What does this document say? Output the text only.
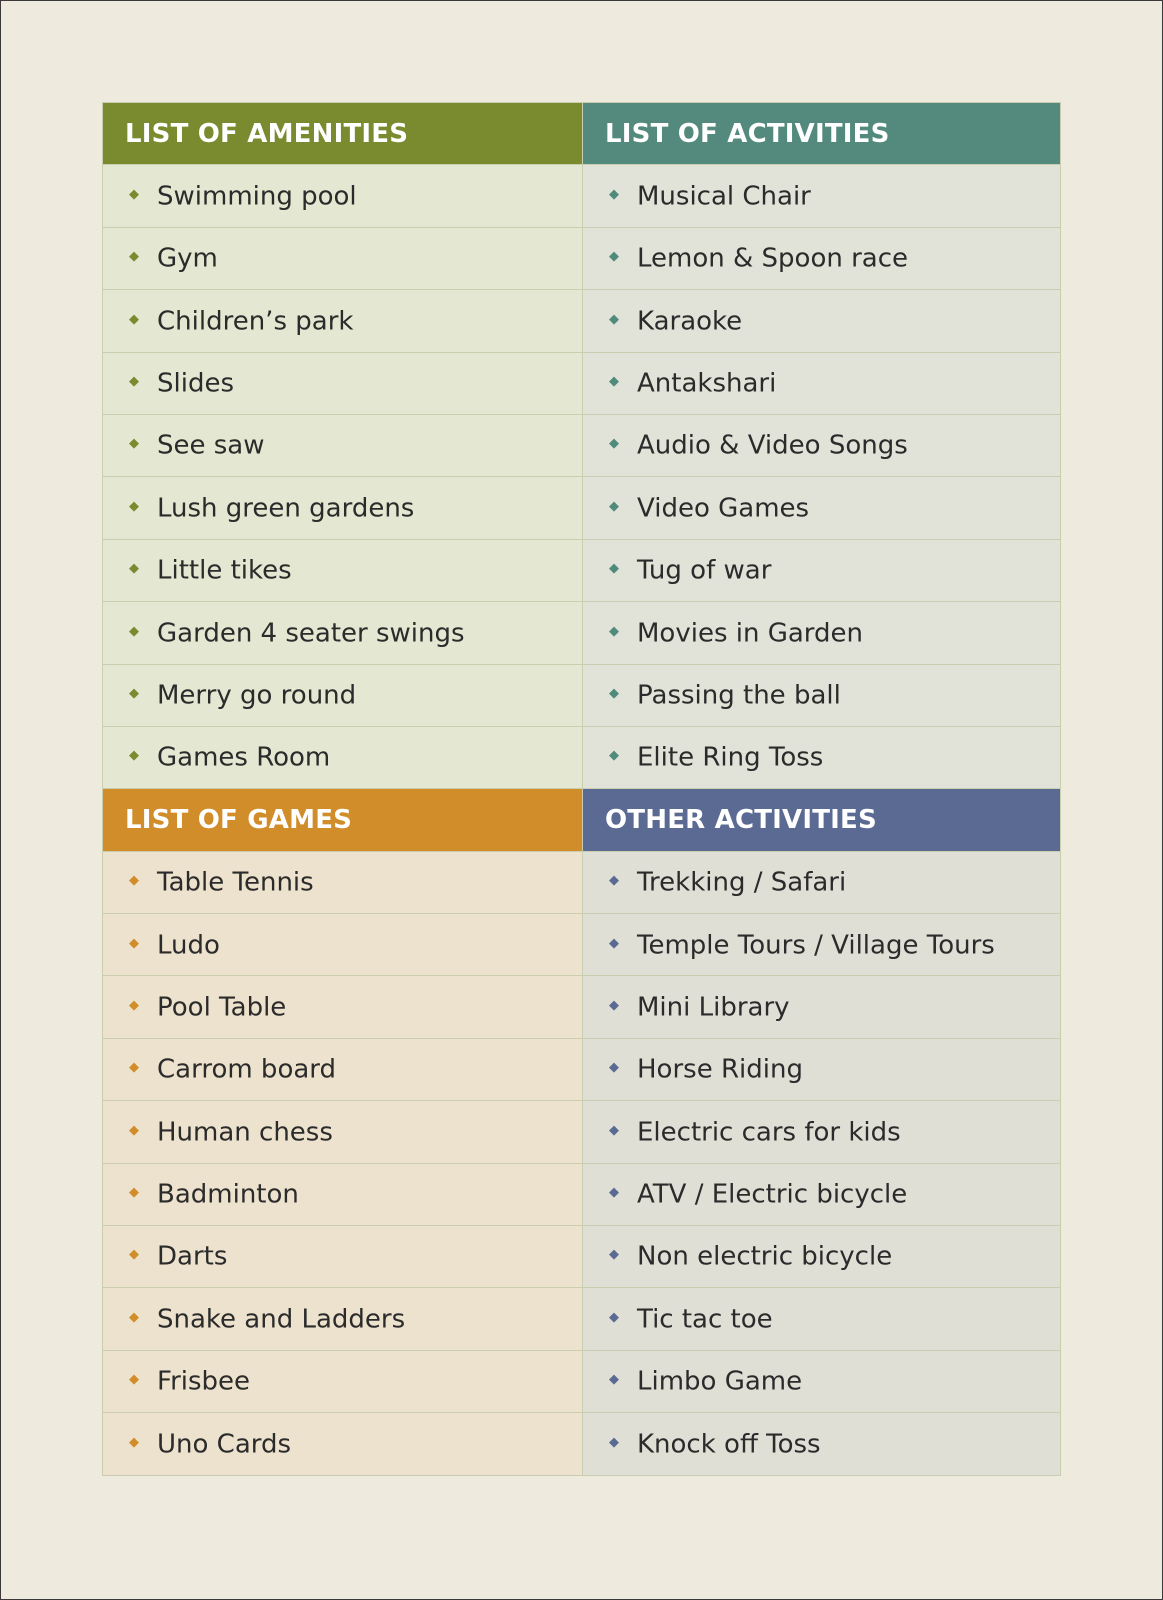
LIST OF AMENITIES	LIST OF ACTIVITIES
◆ Swimming pool	◆ Musical Chair
◆ Gym	◆ Lemon & Spoon race
◆ Children’s park	◆ Karaoke
◆ Slides	◆ Antakshari
◆ See saw	◆ Audio & Video Songs
◆ Lush green gardens	◆ Video Games
◆ Little tikes	◆ Tug of war
◆ Garden 4 seater swings	◆ Movies in Garden
◆ Merry go round	◆ Passing the ball
◆ Games Room	◆ Elite Ring Toss
LIST OF GAMES	OTHER ACTIVITIES
◆ Table Tennis	◆ Trekking / Safari
◆ Ludo	◆ Temple Tours / Village Tours
◆ Pool Table	◆ Mini Library
◆ Carrom board	◆ Horse Riding
◆ Human chess	◆ Electric cars for kids
◆ Badminton	◆ ATV / Electric bicycle
◆ Darts	◆ Non electric bicycle
◆ Snake and Ladders	◆ Tic tac toe
◆ Frisbee	◆ Limbo Game
◆ Uno Cards	◆ Knock off Toss
